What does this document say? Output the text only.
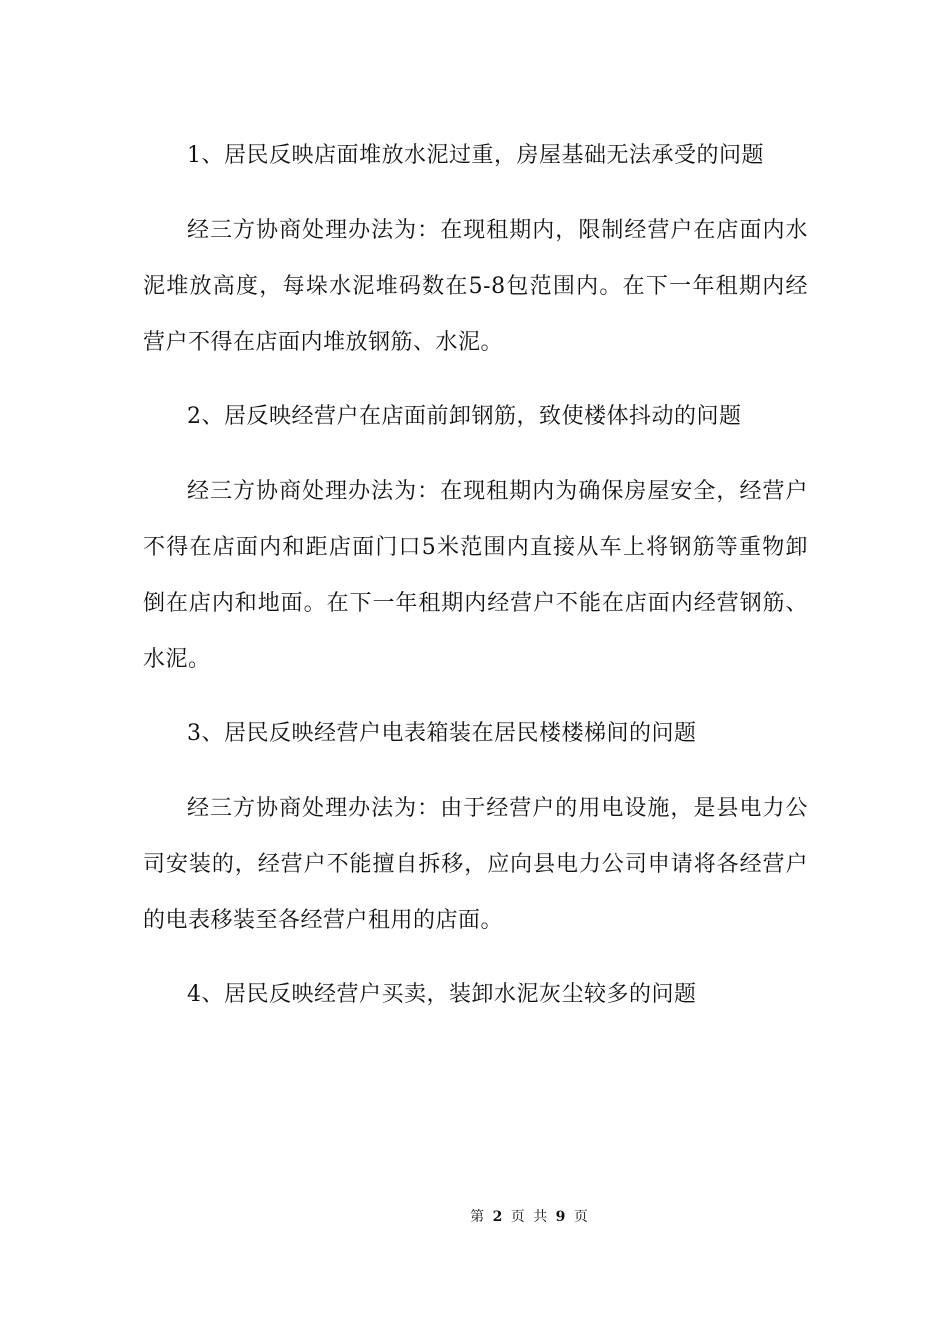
1、居民反映店面堆放水泥过重，房屋基础无法承受的问题

经三方协商处理办法为：在现租期内，限制经营户在店面内水泥堆放高度，每垛水泥堆码数在5-8包范围内。在下一年租期内经营户不得在店面内堆放钢筋、水泥。

2、居反映经营户在店面前卸钢筋，致使楼体抖动的问题

经三方协商处理办法为：在现租期内为确保房屋安全，经营户不得在店面内和距店面门口5米范围内直接从车上将钢筋等重物卸倒在店内和地面。在下一年租期内经营户不能在店面内经营钢筋、水泥。

3、居民反映经营户电表箱装在居民楼楼梯间的问题

经三方协商处理办法为：由于经营户的用电设施，是县电力公司安装的，经营户不能擅自拆移，应向县电力公司申请将各经营户的电表移装至各经营户租用的店面。

4、居民反映经营户买卖，装卸水泥灰尘较多的问题

第 2 页 共 9 页
